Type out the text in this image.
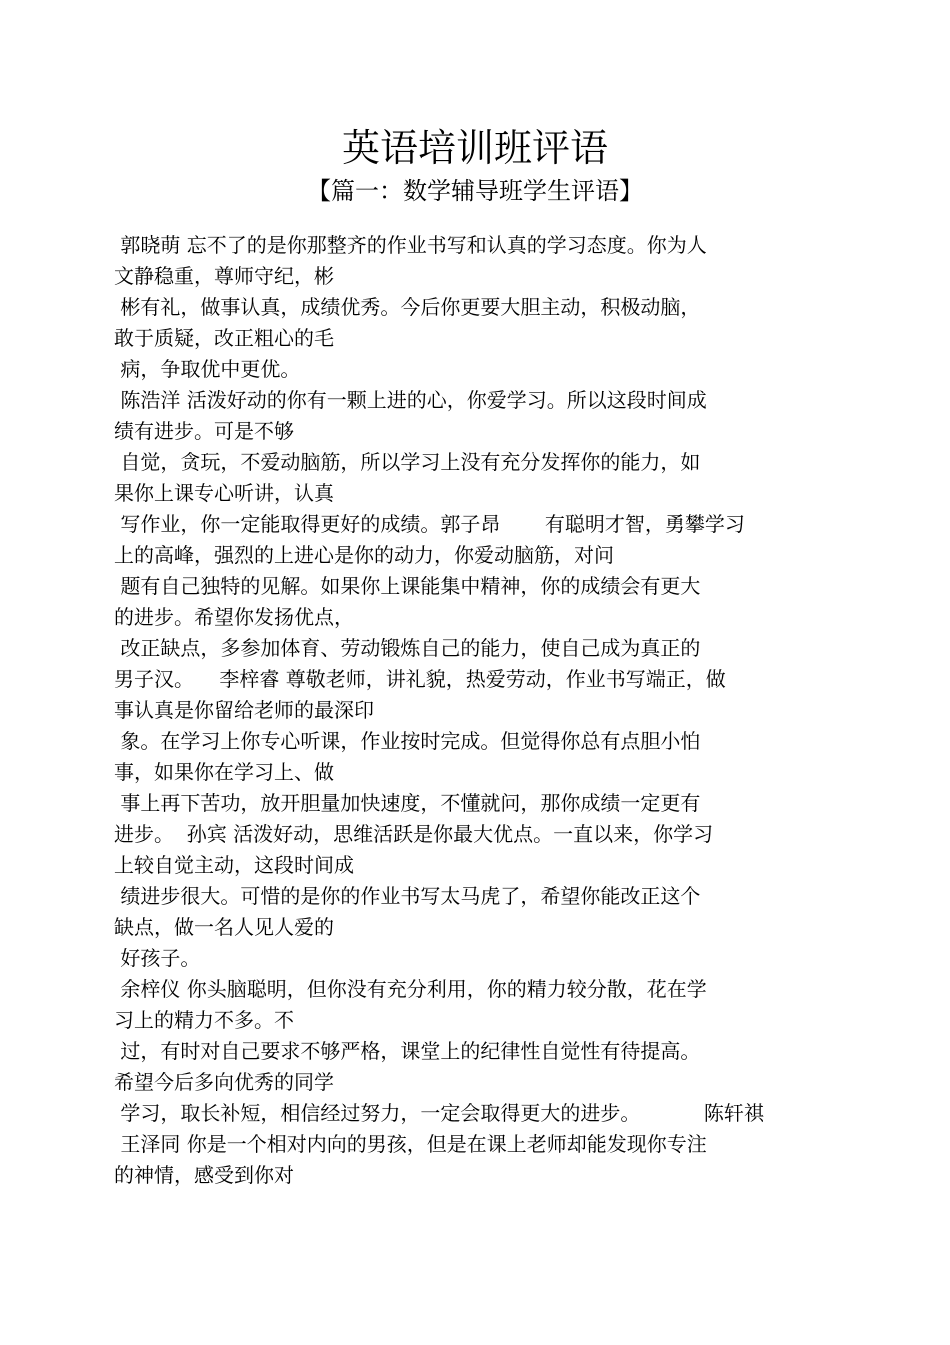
英语培训班评语
【篇一：数学辅导班学生评语】
郭晓萌 忘不了的是你那整齐的作业书写和认真的学习态度。你为人
文静稳重，尊师守纪，彬
彬有礼，做事认真，成绩优秀。今后你更要大胆主动，积极动脑，
敢于质疑，改正粗心的毛
病，争取优中更优。
陈浩洋 活泼好动的你有一颗上进的心，你爱学习。所以这段时间成
绩有进步。可是不够
自觉，贪玩，不爱动脑筋，所以学习上没有充分发挥你的能力，如
果你上课专心听讲，认真
写作业，你一定能取得更好的成绩。郭子昂       有聪明才智，勇攀学习
上的高峰，强烈的上进心是你的动力，你爱动脑筋，对问
题有自己独特的见解。如果你上课能集中精神，你的成绩会有更大
的进步。希望你发扬优点，
改正缺点，多参加体育、劳动锻炼自己的能力，使自己成为真正的
男子汉。    李梓睿 尊敬老师，讲礼貌，热爱劳动，作业书写端正，做
事认真是你留给老师的最深印
象。在学习上你专心听课，作业按时完成。但觉得你总有点胆小怕
事，如果你在学习上、做
事上再下苦功，放开胆量加快速度，不懂就问，那你成绩一定更有
进步。  孙宾 活泼好动，思维活跃是你最大优点。一直以来，你学习
上较自觉主动，这段时间成
绩进步很大。可惜的是你的作业书写太马虎了，希望你能改正这个
缺点，做一名人见人爱的
好孩子。
余梓仪 你头脑聪明，但你没有充分利用，你的精力较分散，花在学
习上的精力不多。不
过，有时对自己要求不够严格，课堂上的纪律性自觉性有待提高。
希望今后多向优秀的同学
学习，取长补短，相信经过努力，一定会取得更大的进步。          陈轩祺
王泽同 你是一个相对内向的男孩，但是在课上老师却能发现你专注
的神情，感受到你对
